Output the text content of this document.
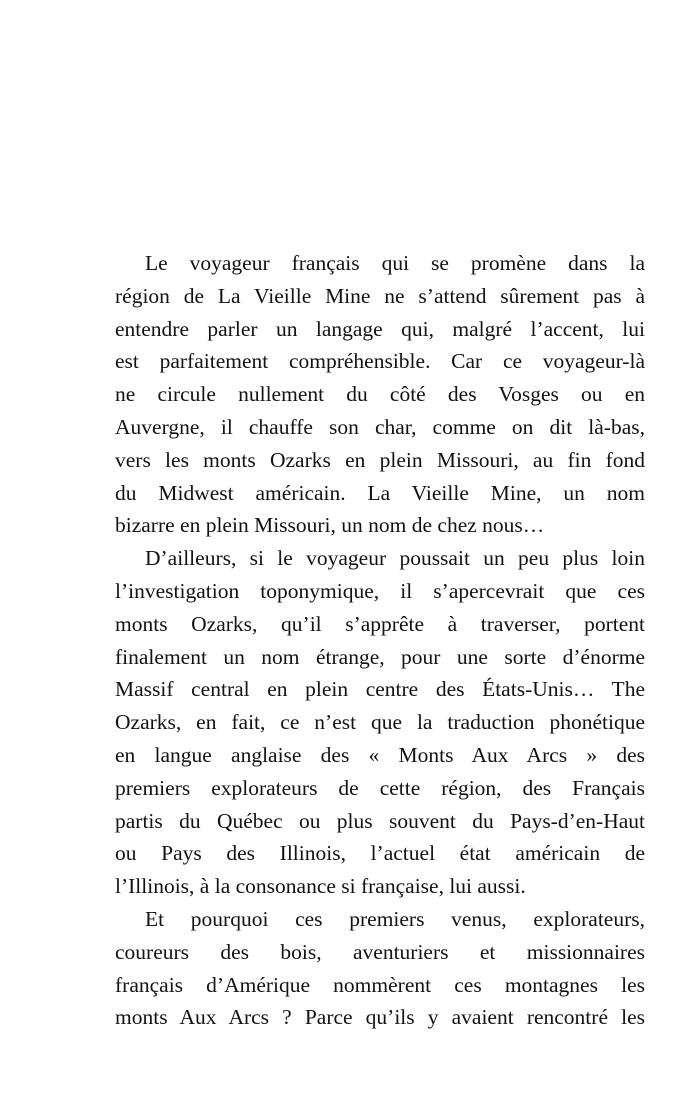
Le voyageur français qui se promène dans la
région de La Vieille Mine ne s’attend sûrement pas à
entendre parler un langage qui, malgré l’accent, lui
est parfaitement compréhensible. Car ce voyageur-là
ne circule nullement du côté des Vosges ou en
Auvergne, il chauffe son char, comme on dit là-bas,
vers les monts Ozarks en plein Missouri, au fin fond
du Midwest américain. La Vieille Mine, un nom
bizarre en plein Missouri, un nom de chez nous…
D’ailleurs, si le voyageur poussait un peu plus loin
l’investigation toponymique, il s’apercevrait que ces
monts Ozarks, qu’il s’apprête à traverser, portent
finalement un nom étrange, pour une sorte d’énorme
Massif central en plein centre des États-Unis… The
Ozarks, en fait, ce n’est que la traduction phonétique
en langue anglaise des « Monts Aux Arcs » des
premiers explorateurs de cette région, des Français
partis du Québec ou plus souvent du Pays-d’en-Haut
ou Pays des Illinois, l’actuel état américain de
l’Illinois, à la consonance si française, lui aussi.
Et pourquoi ces premiers venus, explorateurs,
coureurs des bois, aventuriers et missionnaires
français d’Amérique nommèrent ces montagnes les
monts Aux Arcs ? Parce qu’ils y avaient rencontré les
